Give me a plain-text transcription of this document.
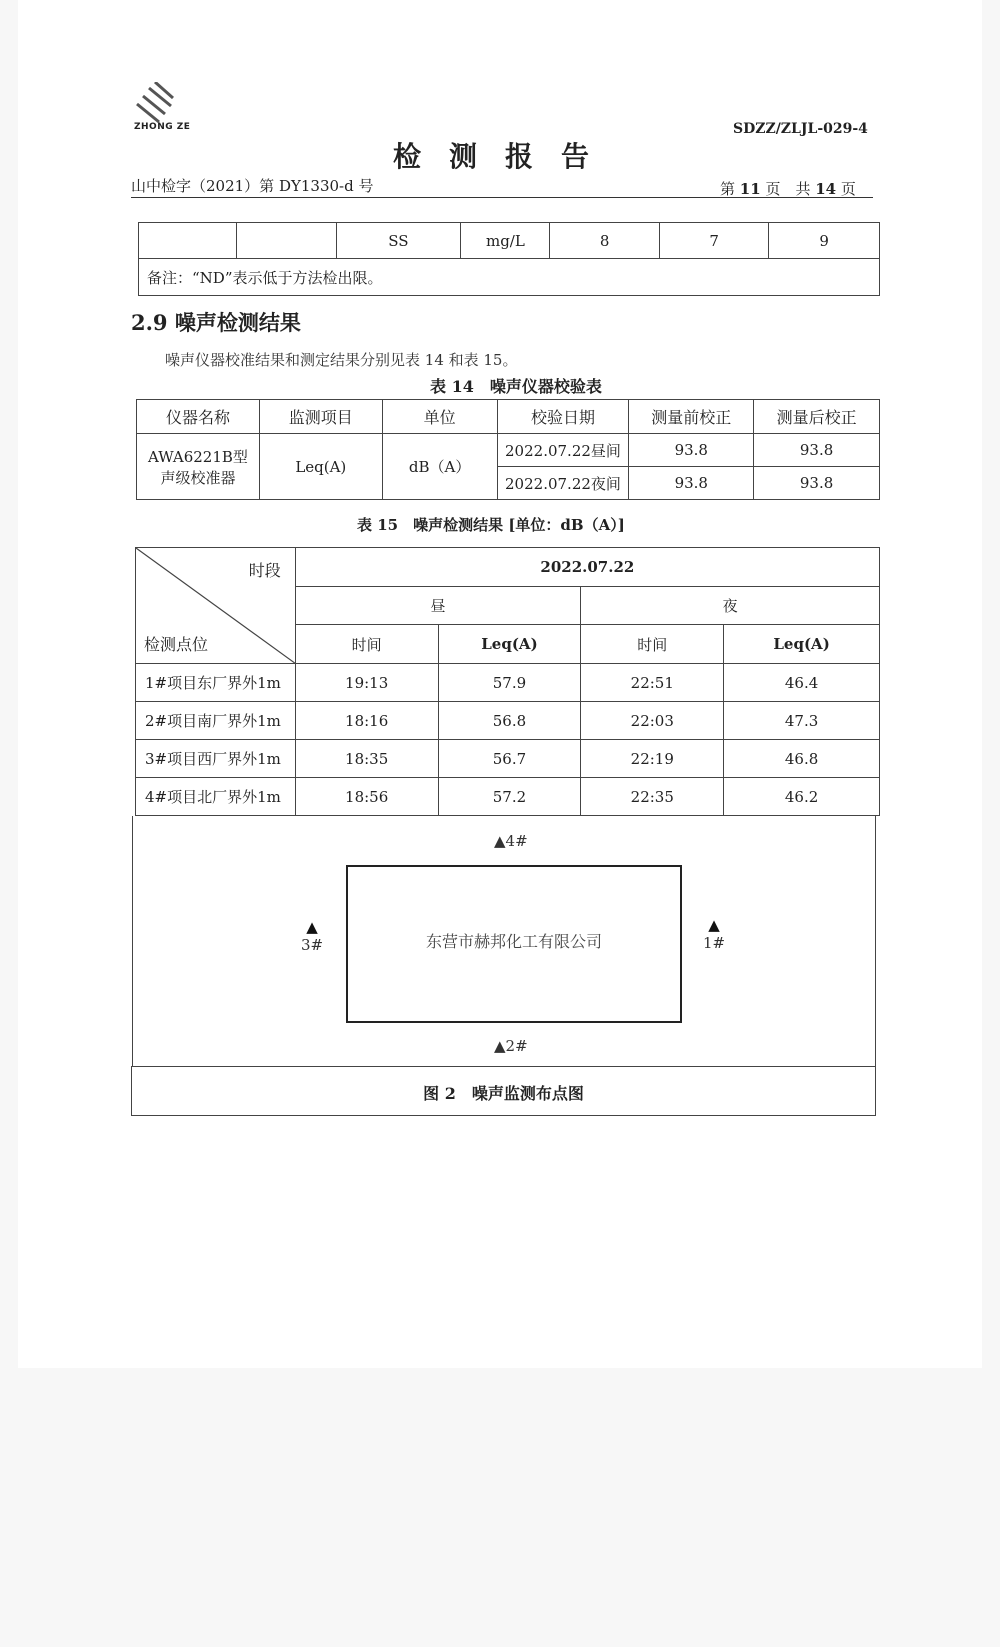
ZHONG ZE	SDZZ/ZLJL-029-4
检测报告
山中检字（2021）第 DY1330-d 号	第 11 页　共 14 页
		SS	mg/L	8	7	9
备注：“ND”表示低于方法检出限。
2.9 噪声检测结果
噪声仪器校准结果和测定结果分别见表 14 和表 15。
表 14　噪声仪器校验表
仪器名称	监测项目	单位	校验日期	测量前校正	测量后校正

AWA6221B型
声级校准器	Leq(A)	dB（A）	2022.07.22昼间	93.8	93.8
			2022.07.22夜间	93.8	93.8
表 15　噪声检测结果 [单位：dB（A）]
时段
检测点位	2022.07.22			
	昼		夜	
	时间	Leq(A)	时间	Leq(A)
1#项目东厂界外1m	19:13	57.9	22:51	46.4
2#项目南厂界外1m	18:16	56.8	22:03	47.3
3#项目西厂界外1m	18:35	56.7	22:19	46.8
4#项目北厂界外1m	18:56	57.2	22:35	46.2
▲4#
东营市赫邦化工有限公司
▲
3#
▲
1#
▲2#
图 2　噪声监测布点图
